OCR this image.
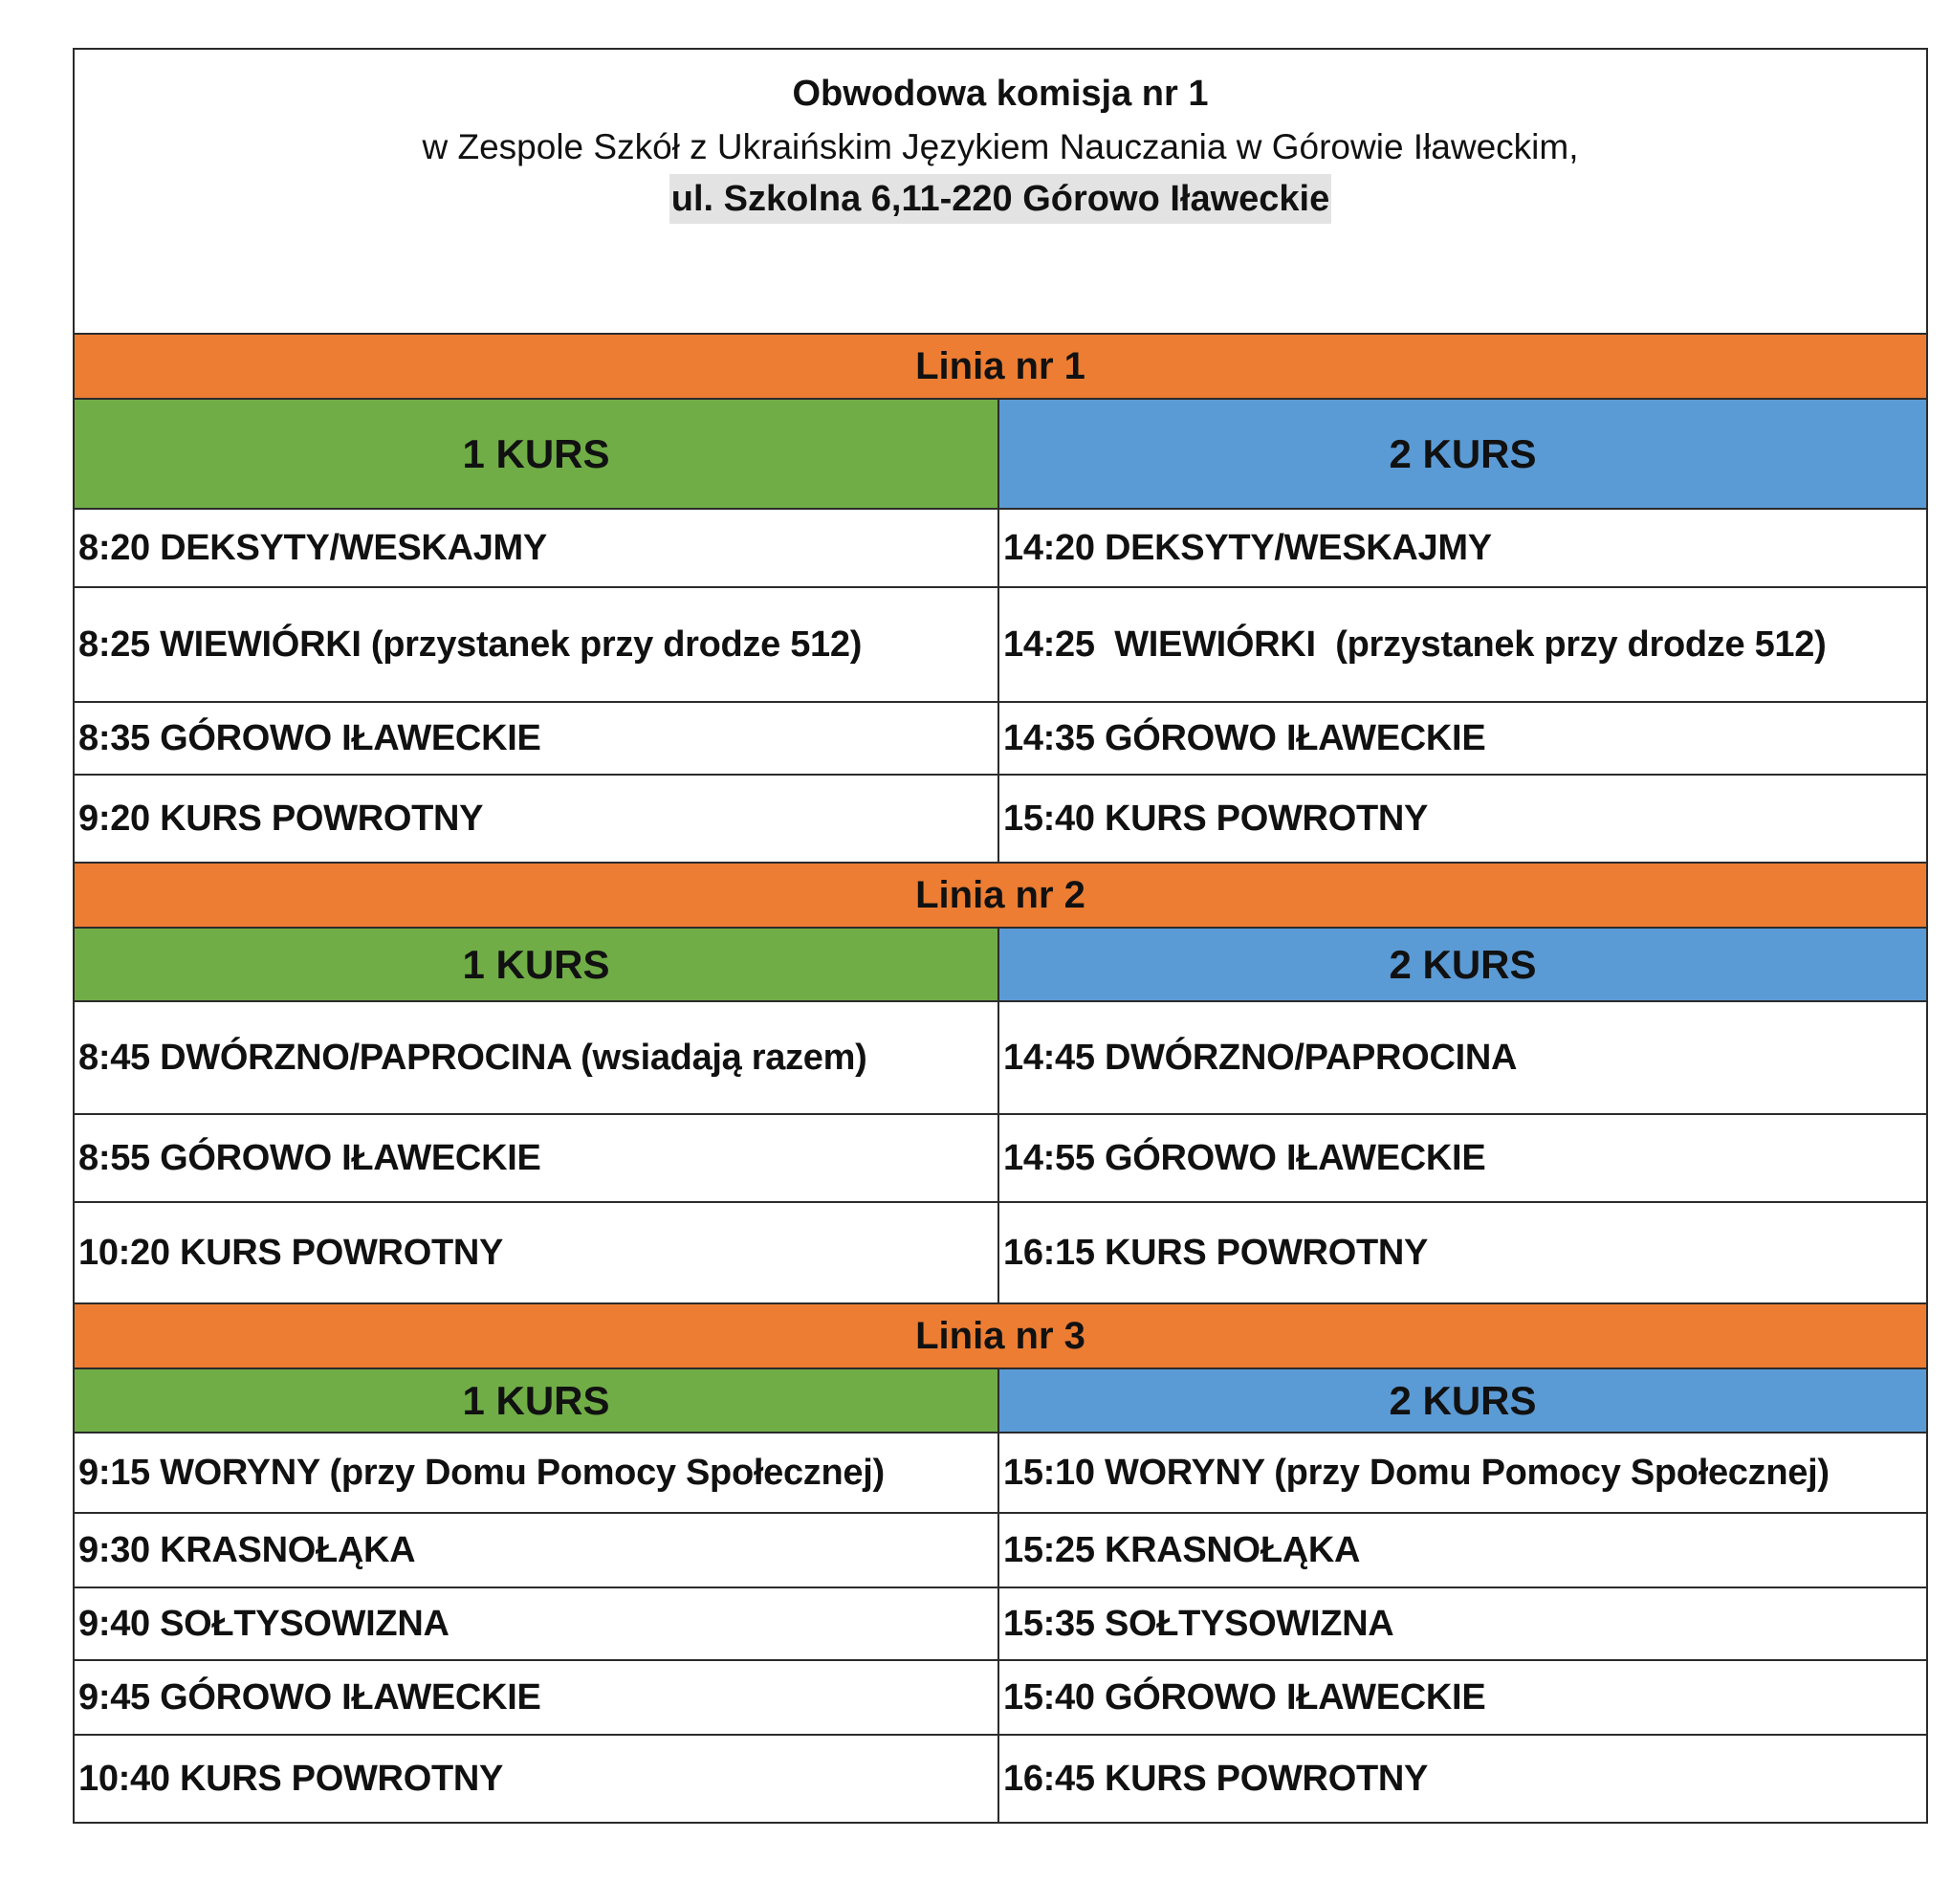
Obwodowa komisja nr 1
w Zespole Szkół z Ukraińskim Językiem Nauczania w Górowie Iławeckim,
ul. Szkolna 6,11-220 Górowo Iławeckie	
Linia nr 1	
1 KURS	2 KURS
8:20 DEKSYTY/WESKAJMY	14:20 DEKSYTY/WESKAJMY
8:25 WIEWIÓRKI (przystanek przy drodze 512)	14:25  WIEWIÓRKI  (przystanek przy drodze 512)
8:35 GÓROWO IŁAWECKIE	14:35 GÓROWO IŁAWECKIE
9:20 KURS POWROTNY	15:40 KURS POWROTNY
Linia nr 2	
1 KURS	2 KURS
8:45 DWÓRZNO/PAPROCINA (wsiadają razem)	14:45 DWÓRZNO/PAPROCINA
8:55 GÓROWO IŁAWECKIE	14:55 GÓROWO IŁAWECKIE
10:20 KURS POWROTNY	16:15 KURS POWROTNY
Linia nr 3	
1 KURS	2 KURS
9:15 WORYNY (przy Domu Pomocy Społecznej)	15:10 WORYNY (przy Domu Pomocy Społecznej)
9:30 KRASNOŁĄKA	15:25 KRASNOŁĄKA
9:40 SOŁTYSOWIZNA	15:35 SOŁTYSOWIZNA
9:45 GÓROWO IŁAWECKIE	15:40 GÓROWO IŁAWECKIE
10:40 KURS POWROTNY	16:45 KURS POWROTNY
